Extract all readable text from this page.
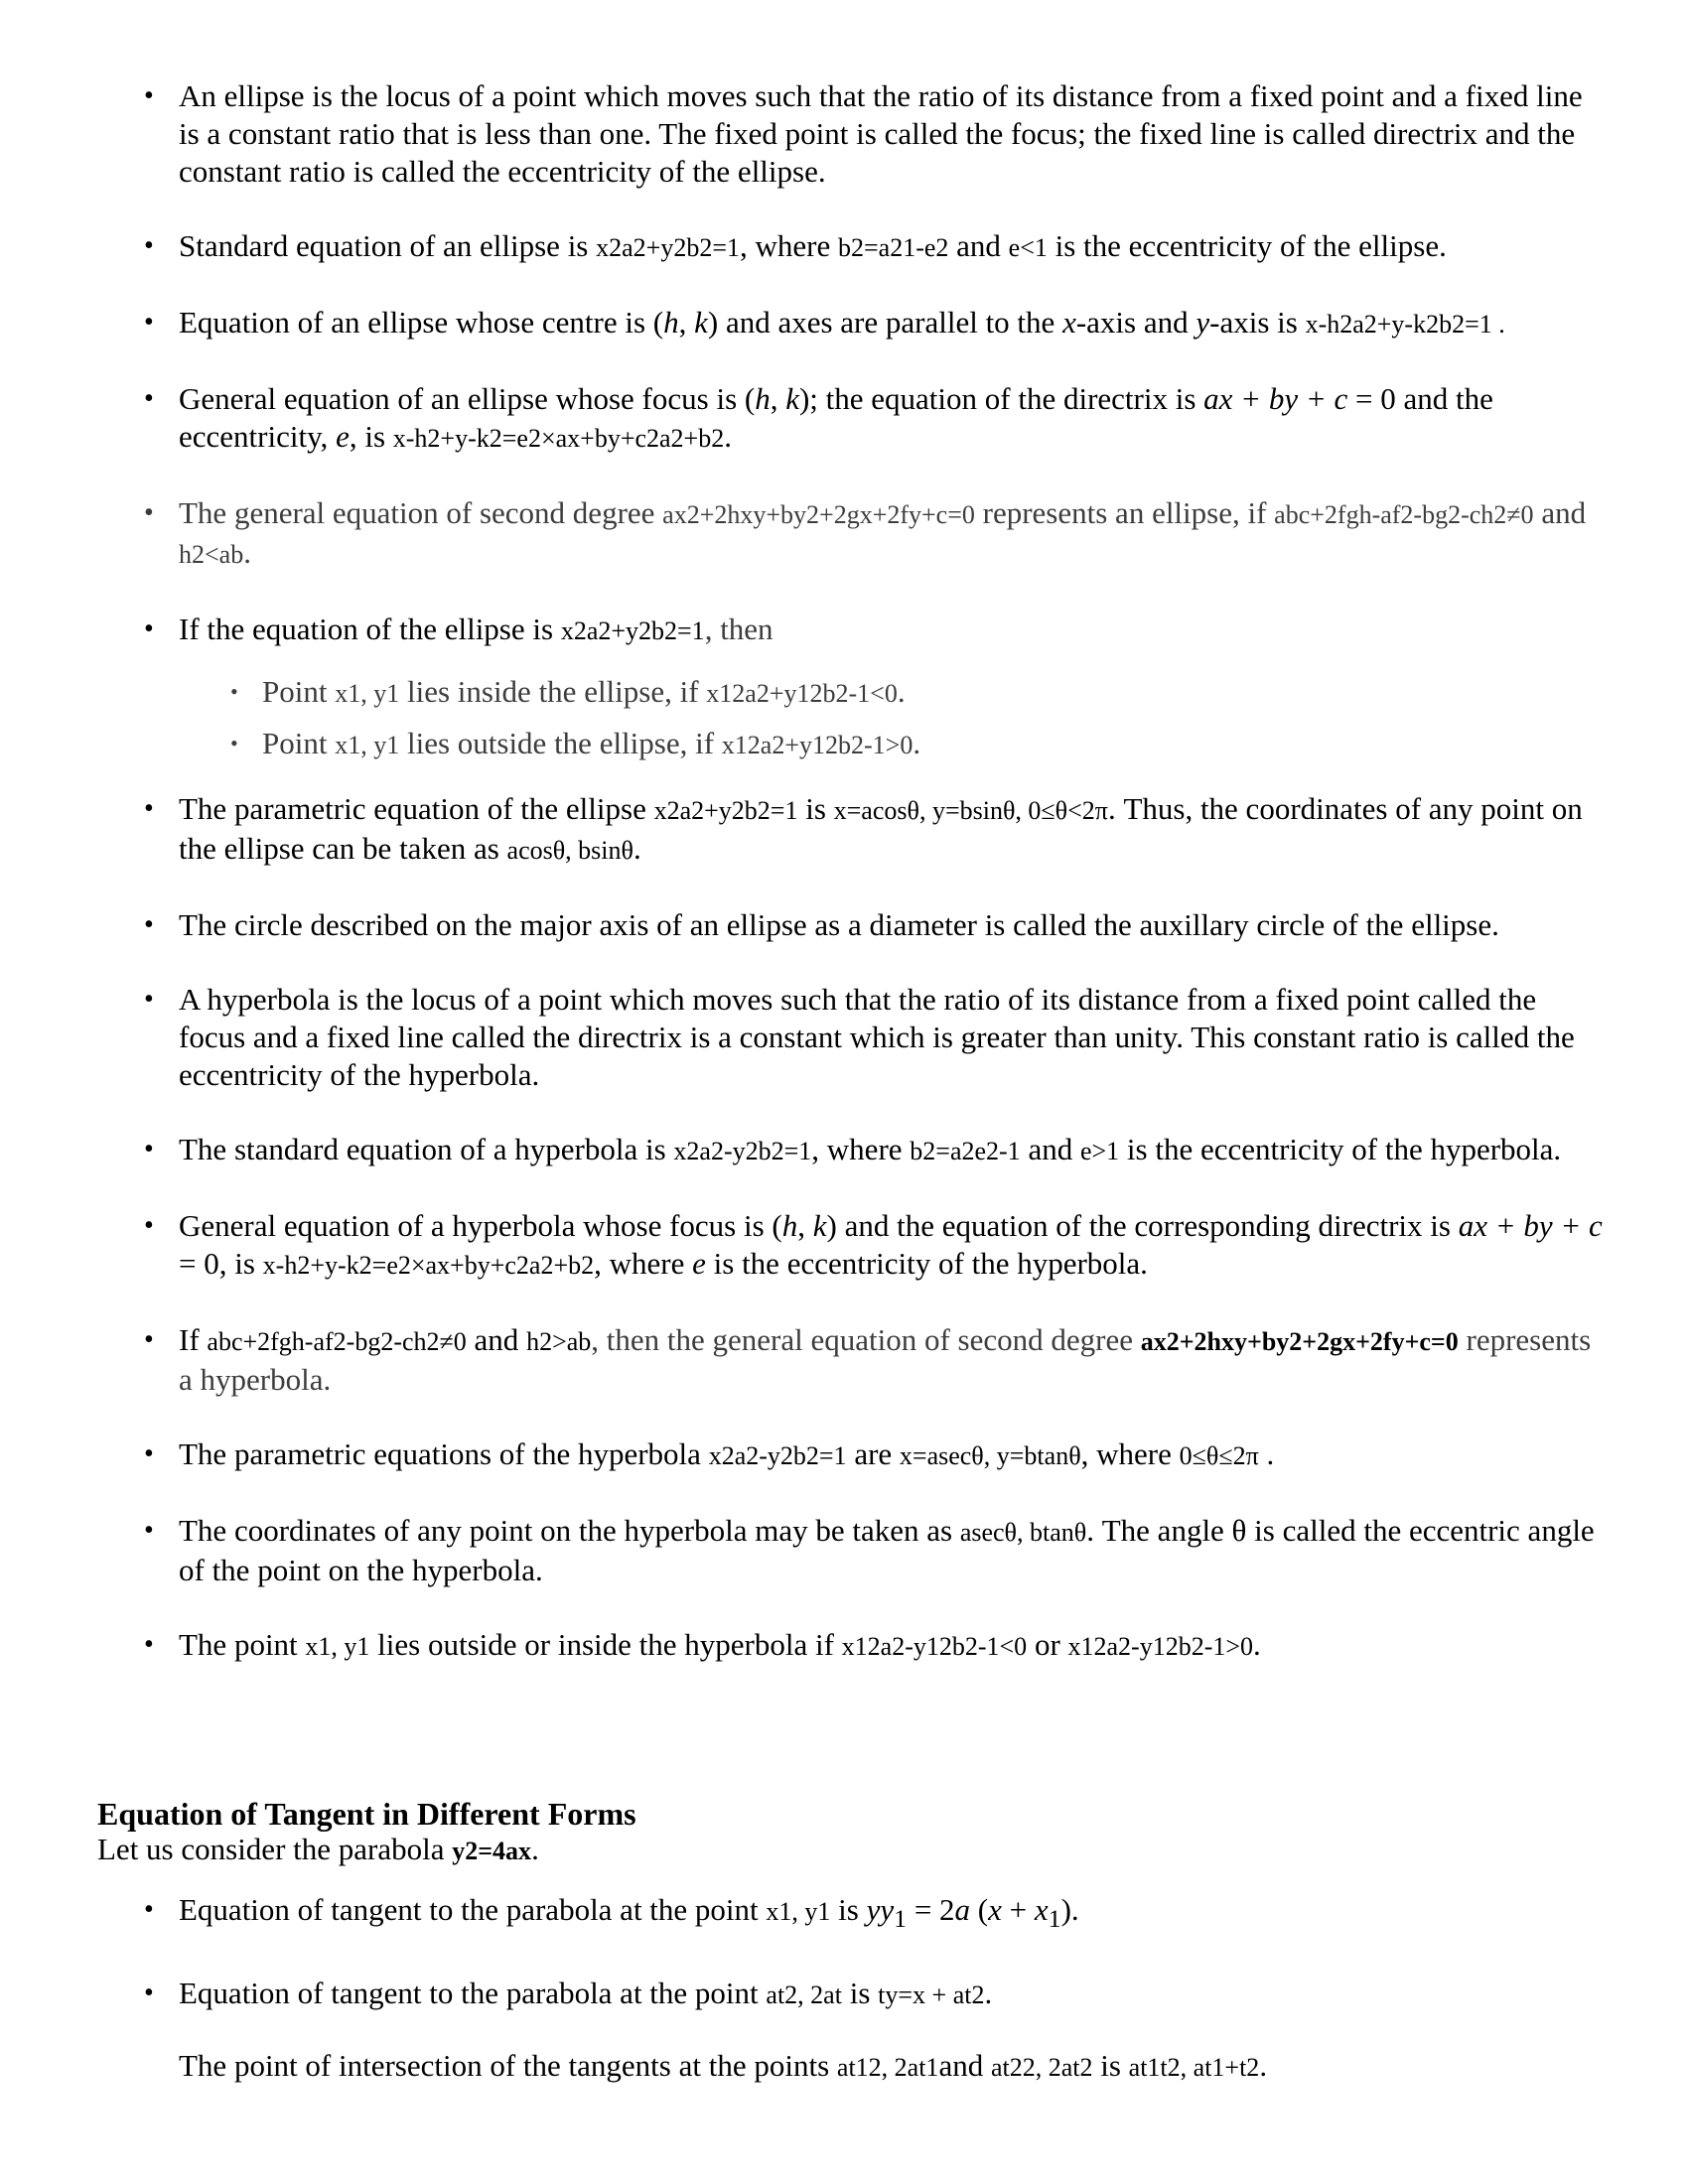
• An ellipse is the locus of a point which moves such that the ratio of its distance from a fixed point and a fixed line is a constant ratio that is less than one. The fixed point is called the focus; the fixed line is called directrix and the constant ratio is called the eccentricity of the ellipse.
• Standard equation of an ellipse is x2a2+y2b2=1, where b2=a21-e2 and e<1 is the eccentricity of the ellipse.
• Equation of an ellipse whose centre is (h, k) and axes are parallel to the x-axis and y-axis is x-h2a2+y-k2b2=1 .
• General equation of an ellipse whose focus is (h, k); the equation of the directrix is ax + by + c = 0 and the eccentricity, e, is x-h2+y-k2=e2×ax+by+c2a2+b2.
• The general equation of second degree ax2+2hxy+by2+2gx+2fy+c=0 represents an ellipse, if abc+2fgh-af2-bg2-ch2≠0 and h2<ab.
• If the equation of the ellipse is x2a2+y2b2=1, then
• Point x1, y1 lies inside the ellipse, if x12a2+y12b2-1<0.
• Point x1, y1 lies outside the ellipse, if x12a2+y12b2-1>0.
• The parametric equation of the ellipse x2a2+y2b2=1 is x=acosθ, y=bsinθ, 0≤θ<2π. Thus, the coordinates of any point on the ellipse can be taken as acosθ, bsinθ.
• The circle described on the major axis of an ellipse as a diameter is called the auxillary circle of the ellipse.
• A hyperbola is the locus of a point which moves such that the ratio of its distance from a fixed point called the focus and a fixed line called the directrix is a constant which is greater than unity. This constant ratio is called the eccentricity of the hyperbola.
• The standard equation of a hyperbola is x2a2-y2b2=1, where b2=a2e2-1 and e>1 is the eccentricity of the hyperbola.
• General equation of a hyperbola whose focus is (h, k) and the equation of the corresponding directrix is ax + by + c = 0, is x-h2+y-k2=e2×ax+by+c2a2+b2, where e is the eccentricity of the hyperbola.
• If abc+2fgh-af2-bg2-ch2≠0 and h2>ab, then the general equation of second degree ax2+2hxy+by2+2gx+2fy+c=0 represents a hyperbola.
• The parametric equations of the hyperbola x2a2-y2b2=1 are x=asecθ, y=btanθ, where 0≤θ≤2π .
• The coordinates of any point on the hyperbola may be taken as asecθ, btanθ. The angle θ is called the eccentric angle of the point on the hyperbola.
• The point x1, y1 lies outside or inside the hyperbola if x12a2-y12b2-1<0 or x12a2-y12b2-1>0.
Equation of Tangent in Different Forms
Let us consider the parabola y2=4ax.
• Equation of tangent to the parabola at the point x1, y1 is $yy_1 = 2a$ $(x + x_1)$.
• Equation of tangent to the parabola at the point at2, 2at is ty=x + at2.
The point of intersection of the tangents at the points at12, 2at1and at22, 2at2 is at1t2, at1+t2.
